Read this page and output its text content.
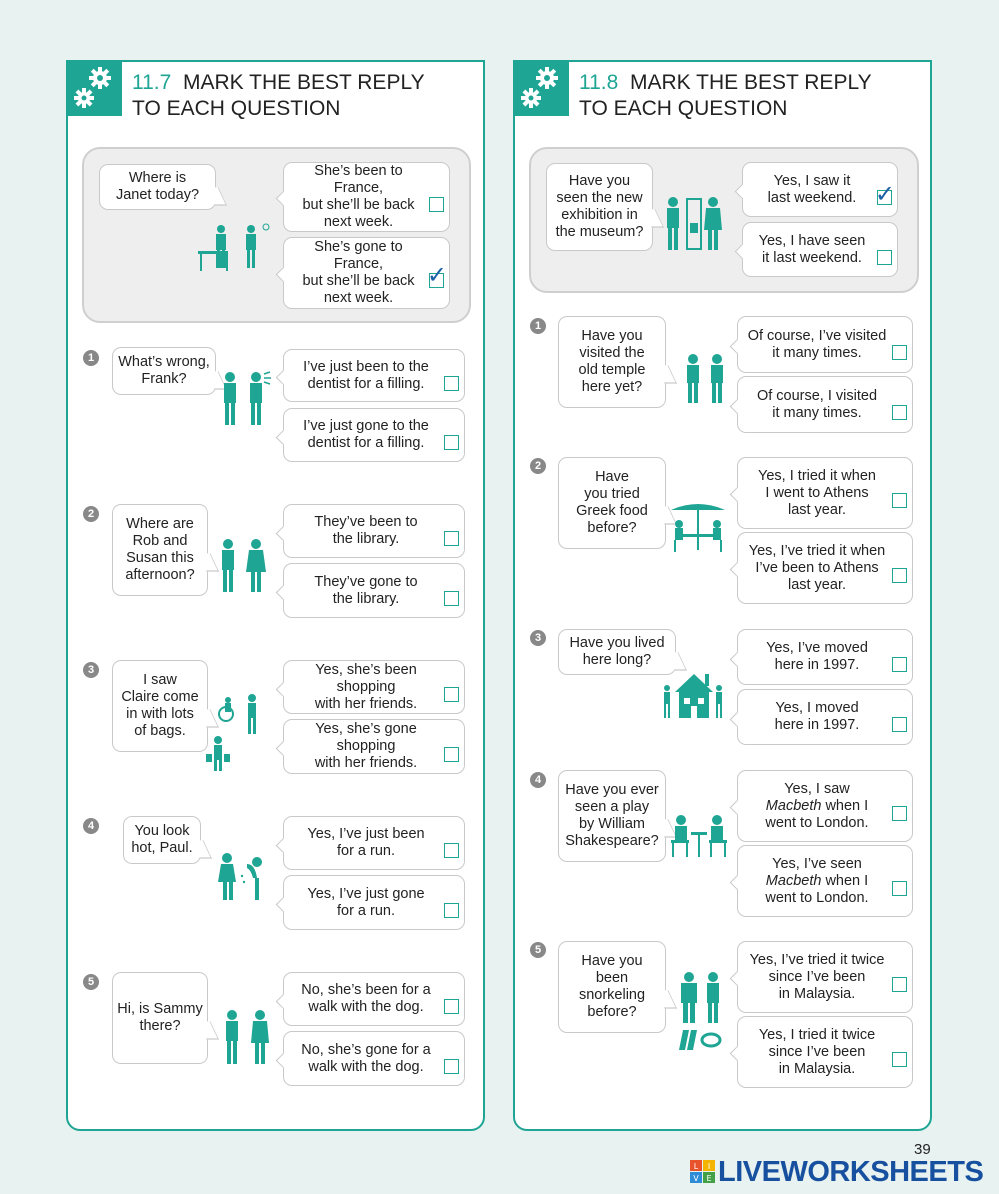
11.7 MARK THE BEST REPLY
TO EACH QUESTION
Where is
Janet today?
She’s been to France,
but she’ll be back
next week.
She’s gone to France,
but she’ll be back
next week.
✓
1	What’s wrong,
Frank?
I’ve just been to the
dentist for a filling.
I’ve just gone to the
dentist for a filling.
2
Where are
Rob and
Susan this
afternoon?
They’ve been to
the library.
They’ve gone to
the library.
3
I saw
Claire come
in with lots
of bags.
Yes, she’s been shopping
with her friends.
Yes, she’s gone shopping
with her friends.
4	You look
hot, Paul.
Yes, I’ve just been
for a run.
Yes, I’ve just gone
for a run.
5
Hi, is Sammy
there?
No, she’s been for a
walk with the dog.
No, she’s gone for a
walk with the dog.
11.8 MARK THE BEST REPLY
TO EACH QUESTION
Have you
seen the new
exhibition in
the museum?
Yes, I saw it
last weekend. ✓
Yes, I have seen
it last weekend.
1
Have you
visited the
old temple
here yet?
Of course, I’ve visited
it many times.
Of course, I visited
it many times.
2
Have
you tried
Greek food
before?
Yes, I tried it when
I went to Athens
last year.
Yes, I’ve tried it when
I’ve been to Athens
last year.
3	Have you lived
here long?
Yes, I’ve moved
here in 1997.
Yes, I moved
here in 1997.
4
Have you ever
seen a play
by William
Shakespeare?
Yes, I saw
Macbeth when I
went to London.
Yes, I’ve seen
Macbeth when I
went to London.
5
Have you
been
snorkeling
before?
Yes, I’ve tried it twice
since I’ve been
in Malaysia.
Yes, I tried it twice
since I’ve been
in Malaysia.
39
L I
V E LIVEWORKSHEETS
